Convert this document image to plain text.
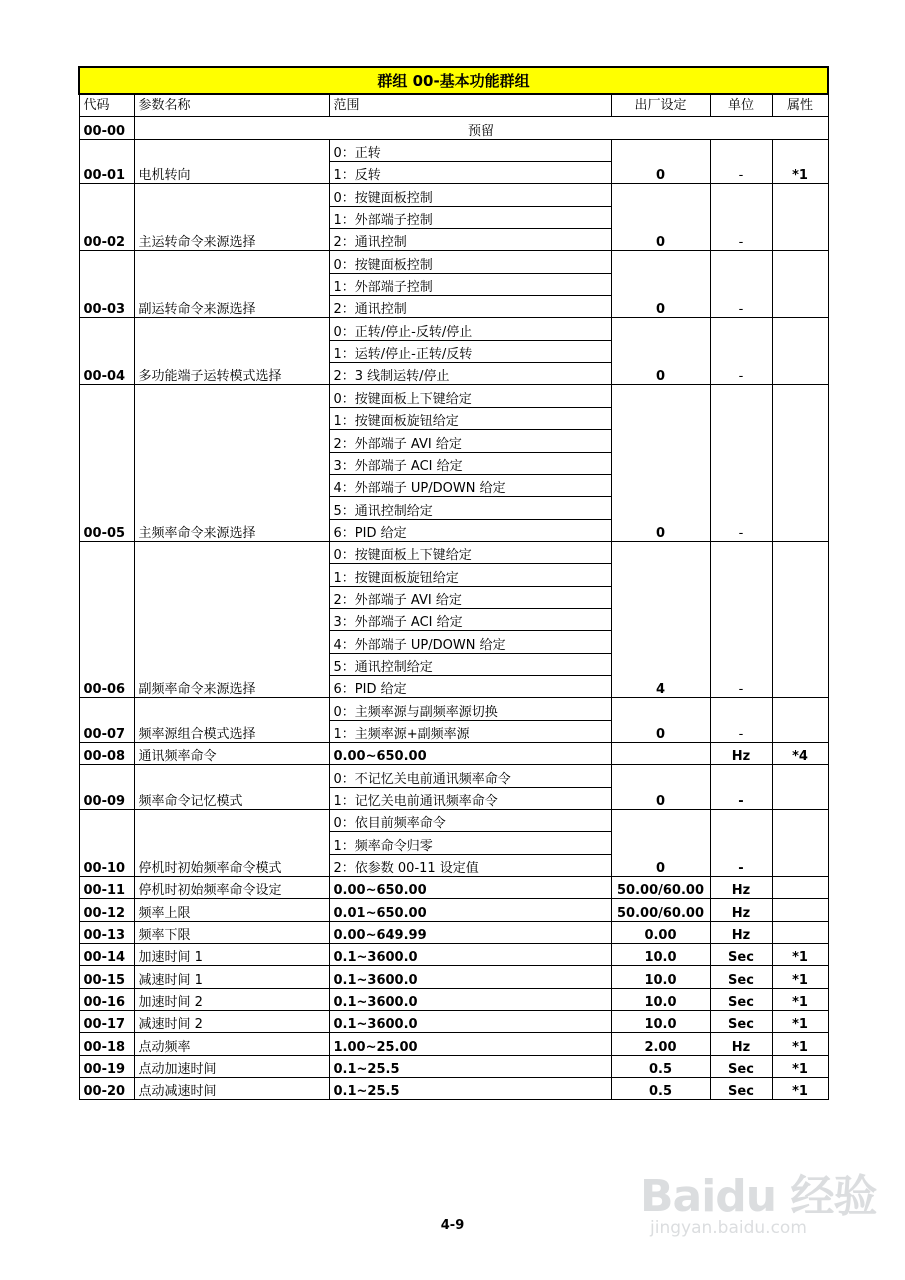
群组 00-基本功能群组					
代码	参数名称	范围	出厂设定	单位	属性
00-00	预留				
00-01	电机转向	0：正转	0	-	*1
		1：反转			
00-02	主运转命令来源选择	0：按键面板控制	0	-	
		1：外部端子控制			
		2：通讯控制			
00-03	副运转命令来源选择	0：按键面板控制	0	-	
		1：外部端子控制			
		2：通讯控制			
00-04	多功能端子运转模式选择	0：正转/停止-反转/停止	0	-	
		1：运转/停止-正转/反转			
		2：3 线制运转/停止			
00-05	主频率命令来源选择	0：按键面板上下键给定	0	-	
		1：按键面板旋钮给定			
		2：外部端子 AVI 给定			
		3：外部端子 ACI 给定			
		4：外部端子 UP/DOWN 给定			
		5：通讯控制给定			
		6：PID 给定			
00-06	副频率命令来源选择	0：按键面板上下键给定	4	-	
		1：按键面板旋钮给定			
		2：外部端子 AVI 给定			
		3：外部端子 ACI 给定			
		4：外部端子 UP/DOWN 给定			
		5：通讯控制给定			
		6：PID 给定			
00-07	频率源组合模式选择	0：主频率源与副频率源切换	0	-	
		1：主频率源+副频率源			
00-08	通讯频率命令	0.00~650.00		Hz	*4
00-09	频率命令记忆模式	0：不记忆关电前通讯频率命令	0	-	
		1：记忆关电前通讯频率命令			
00-10	停机时初始频率命令模式	0：依目前频率命令	0	-	
		1：频率命令归零			
		2：依参数 00-11 设定值			
00-11	停机时初始频率命令设定	0.00~650.00	50.00/60.00	Hz	
00-12	频率上限	0.01~650.00	50.00/60.00	Hz	
00-13	频率下限	0.00~649.99	0.00	Hz	
00-14	加速时间 1	0.1~3600.0	10.0	Sec	*1
00-15	减速时间 1	0.1~3600.0	10.0	Sec	*1
00-16	加速时间 2	0.1~3600.0	10.0	Sec	*1
00-17	减速时间 2	0.1~3600.0	10.0	Sec	*1
00-18	点动频率	1.00~25.00	2.00	Hz	*1
00-19	点动加速时间	0.1~25.5	0.5	Sec	*1
00-20	点动减速时间	0.1~25.5	0.5	Sec	*1
4-9
Baidu 经验
jingyan.baidu.com
